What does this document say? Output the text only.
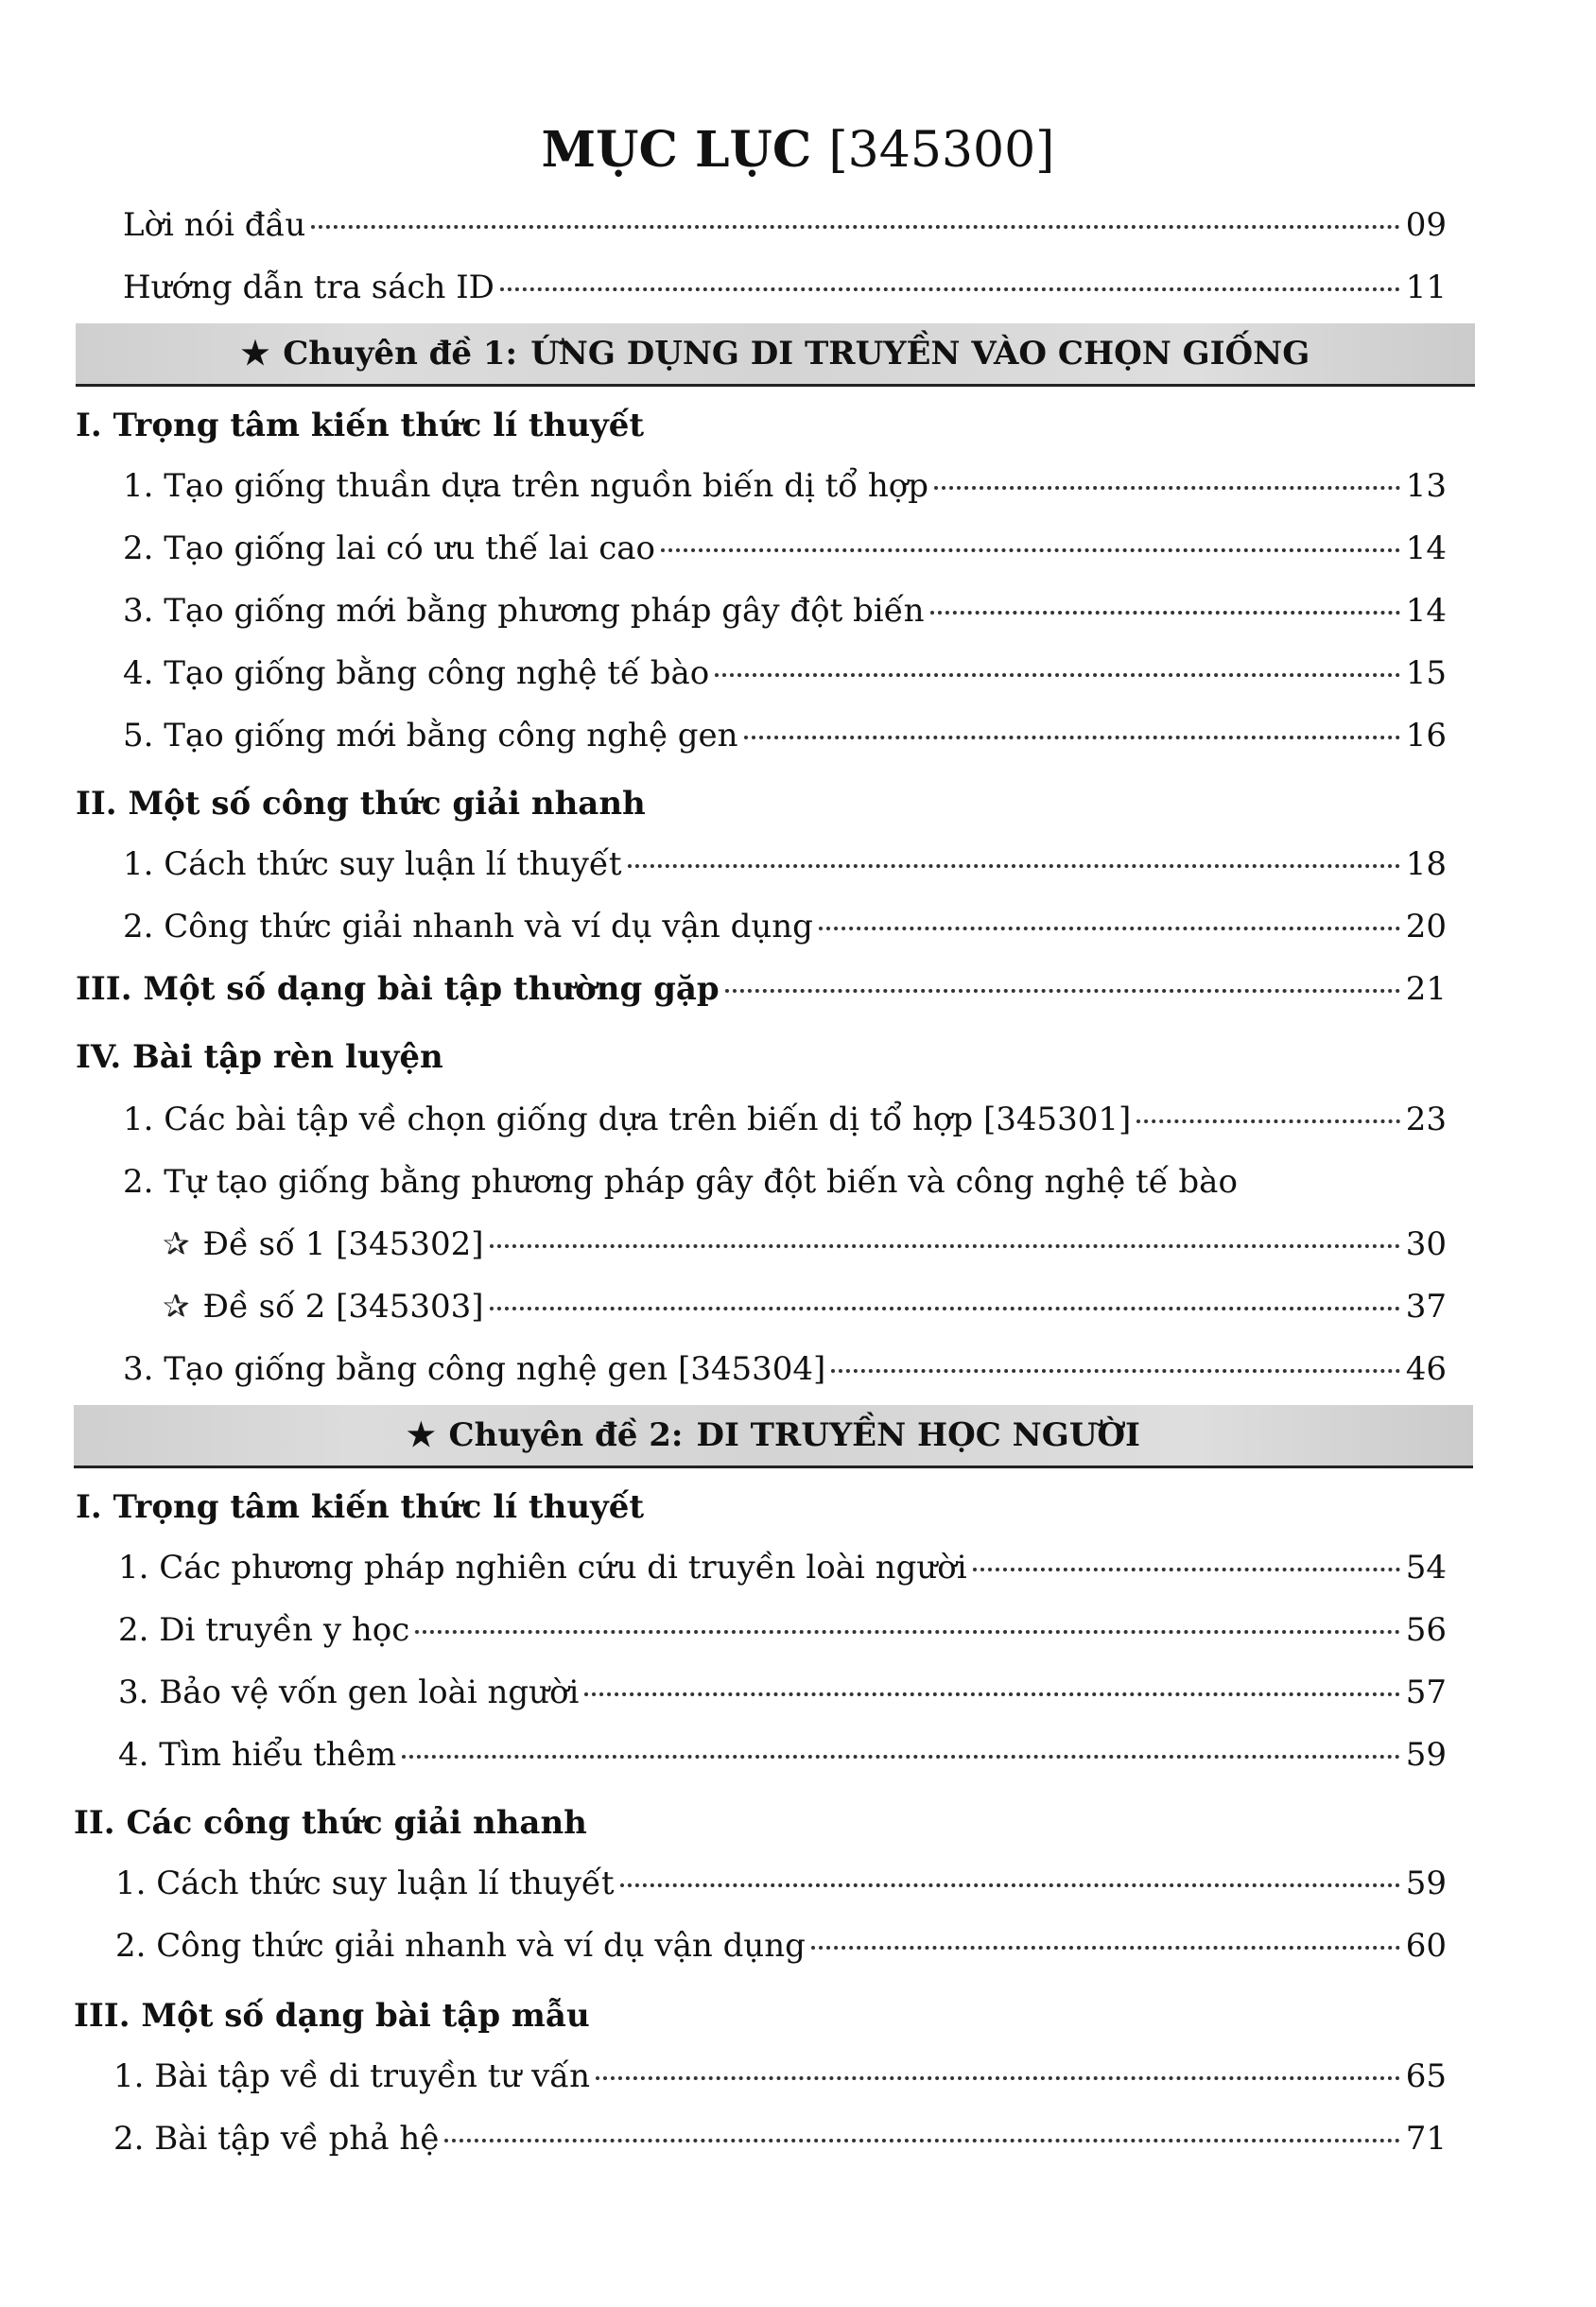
MỤC LỤC [345300]
Lời nói đầu	09
Hướng dẫn tra sách ID	11
★ Chuyên đề 1: ỨNG DỤNG DI TRUYỀN VÀO CHỌN GIỐNG
I. Trọng tâm kiến thức lí thuyết
1. Tạo giống thuần dựa trên nguồn biến dị tổ hợp	13
2. Tạo giống lai có ưu thế lai cao	14
3. Tạo giống mới bằng phương pháp gây đột biến	14
4. Tạo giống bằng công nghệ tế bào	15
5. Tạo giống mới bằng công nghệ gen	16
II. Một số công thức giải nhanh
1. Cách thức suy luận lí thuyết	18
2. Công thức giải nhanh và ví dụ vận dụng	20
III. Một số dạng bài tập thường gặp	21
IV. Bài tập rèn luyện
1. Các bài tập về chọn giống dựa trên biến dị tổ hợp [345301]	23
2. Tự tạo giống bằng phương pháp gây đột biến và công nghệ tế bào
✰ Đề số 1 [345302]	30
✰ Đề số 2 [345303]	37
3. Tạo giống bằng công nghệ gen [345304]	46
★ Chuyên đề 2: DI TRUYỀN HỌC NGƯỜI
I. Trọng tâm kiến thức lí thuyết
1. Các phương pháp nghiên cứu di truyền loài người	54
2. Di truyền y học	56
3. Bảo vệ vốn gen loài người	57
4. Tìm hiểu thêm	59
II. Các công thức giải nhanh
1. Cách thức suy luận lí thuyết	59
2. Công thức giải nhanh và ví dụ vận dụng	60
III. Một số dạng bài tập mẫu
1. Bài tập về di truyền tư vấn	65
2. Bài tập về phả hệ	71
